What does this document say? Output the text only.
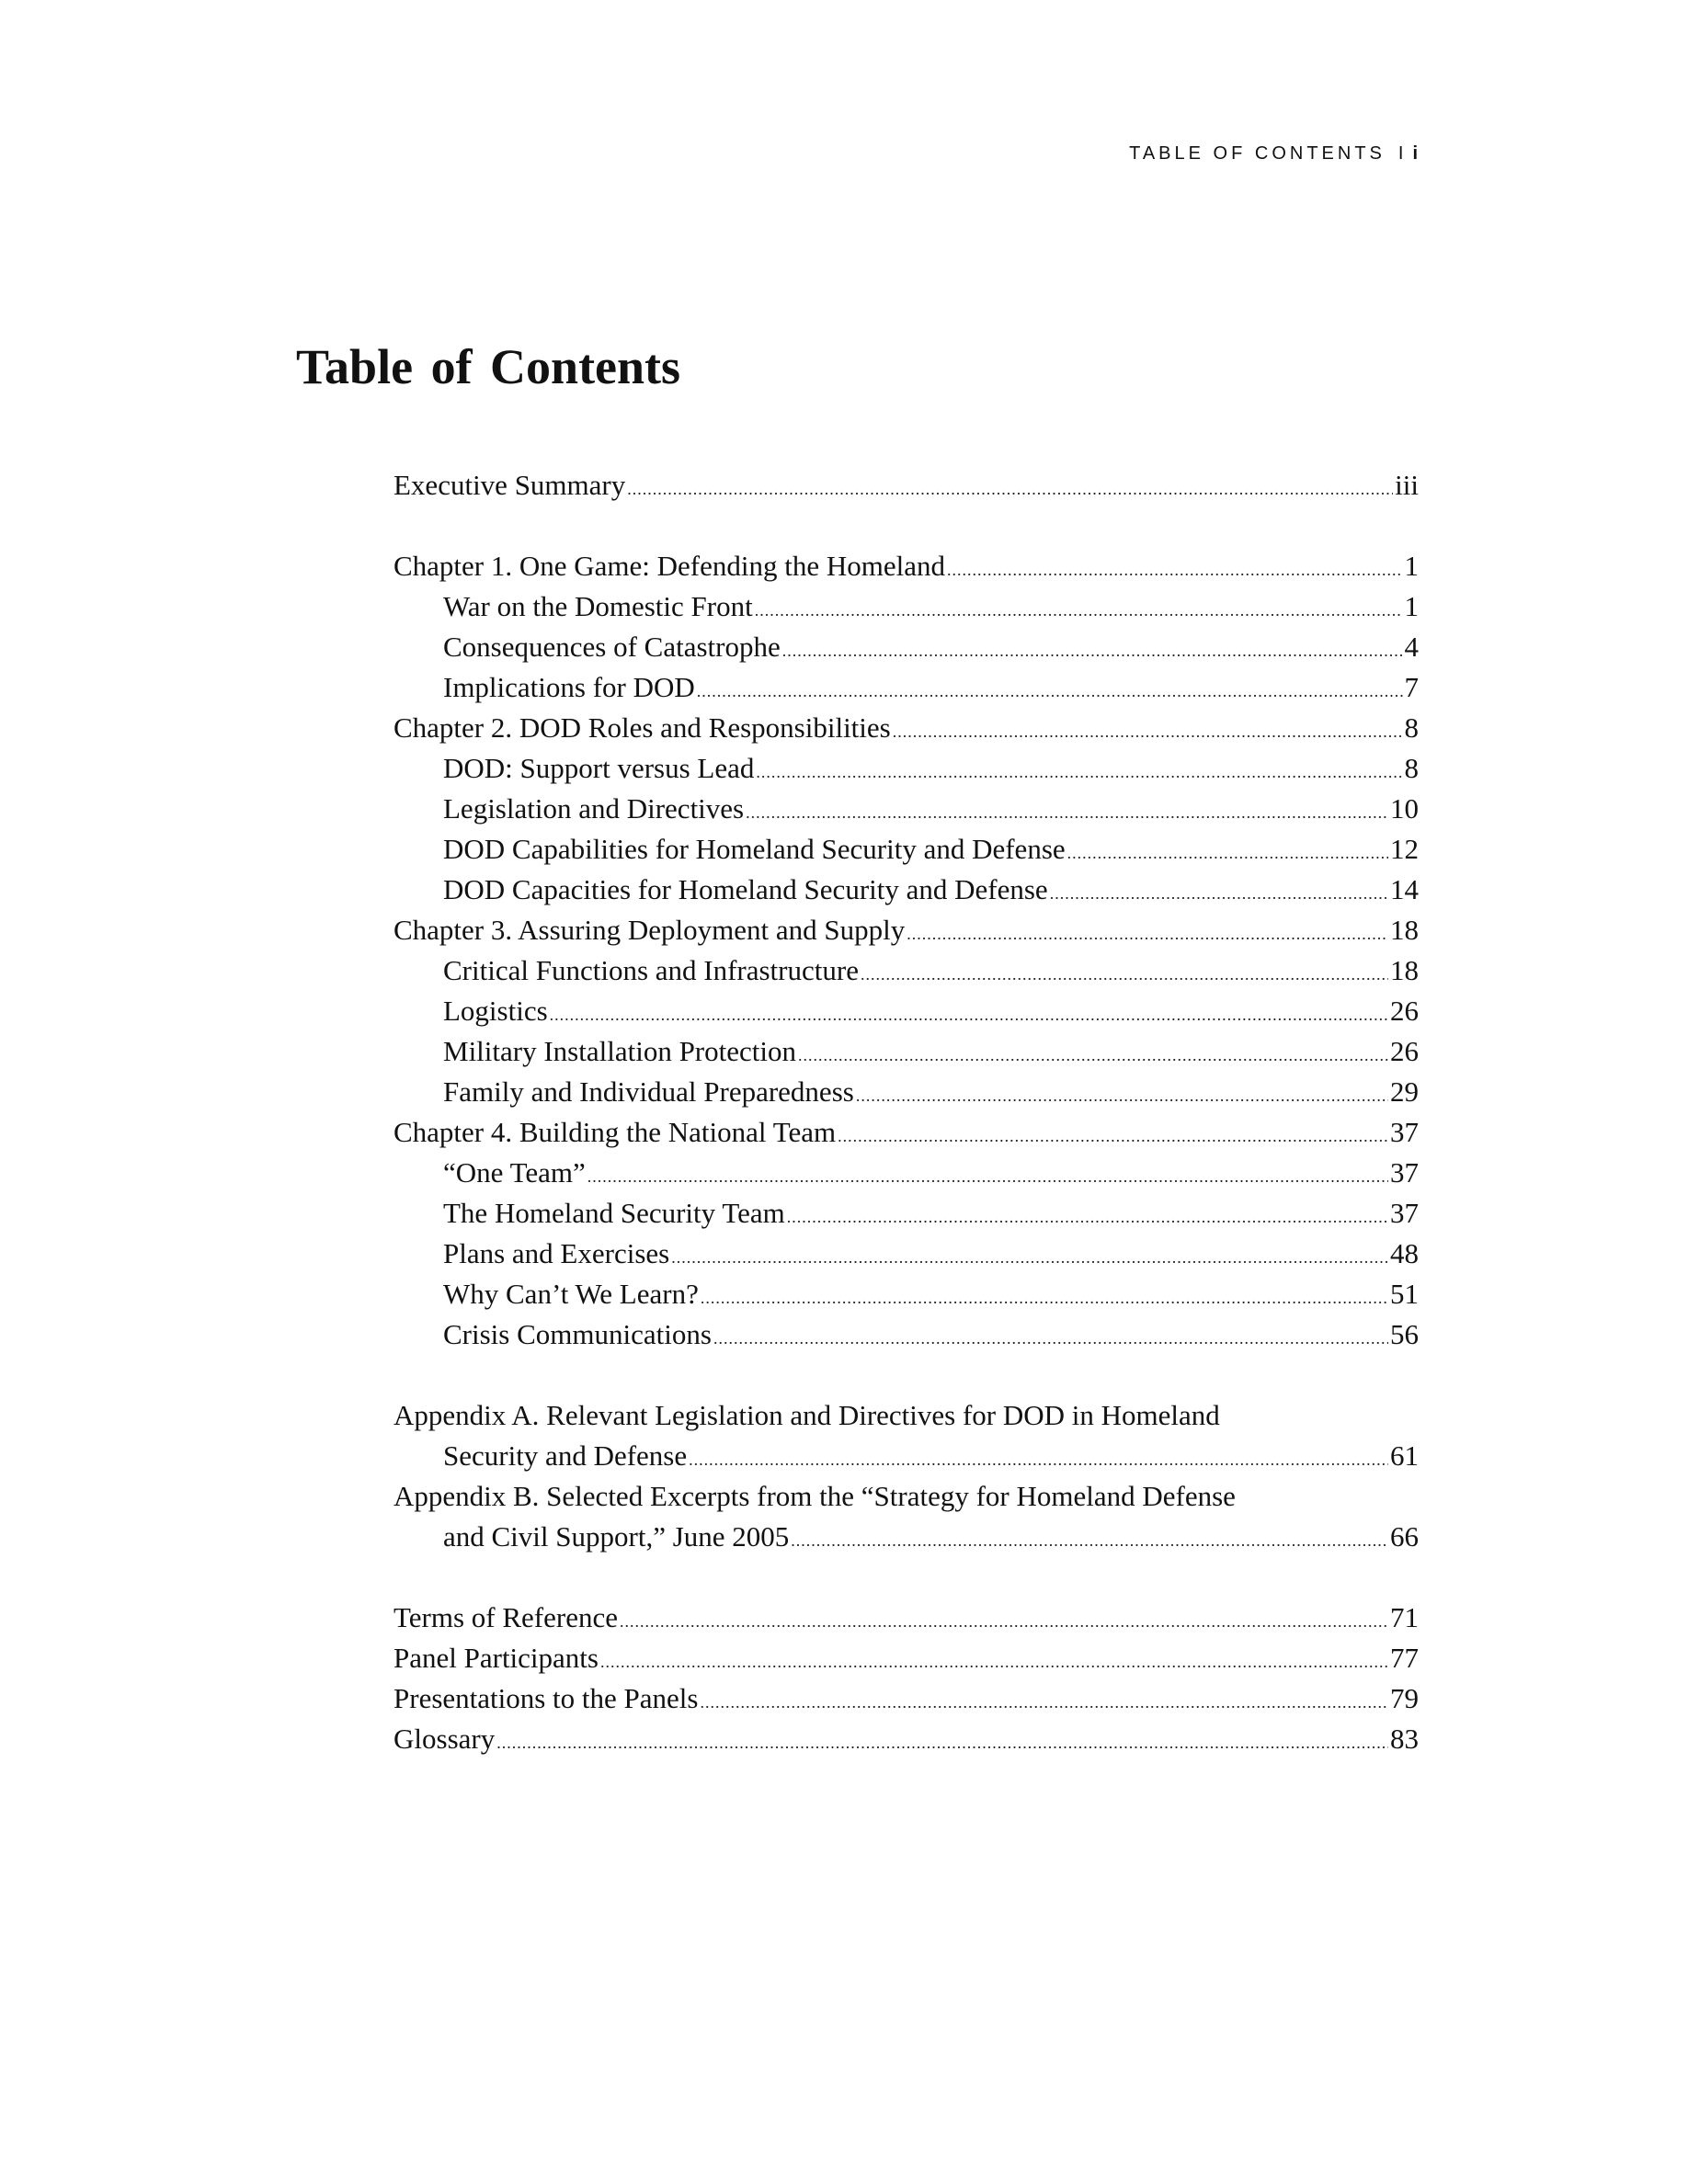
TABLE OF CONTENTS I i
Table of Contents
Executive Summary .....	iii
Chapter 1. One Game: Defending the Homeland .....	1
War on the Domestic Front .....	1
Consequences of Catastrophe .....	4
Implications for DOD .....	7
Chapter 2. DOD Roles and Responsibilities .....	8
DOD: Support versus Lead .....	8
Legislation and Directives .....	10
DOD Capabilities for Homeland Security and Defense .....	12
DOD Capacities for Homeland Security and Defense .....	14
Chapter 3. Assuring Deployment and Supply .....	18
Critical Functions and Infrastructure .....	18
Logistics .....	26
Military Installation Protection .....	26
Family and Individual Preparedness .....	29
Chapter 4. Building the National Team .....	37
“One Team” .....	37
The Homeland Security Team .....	37
Plans and Exercises .....	48
Why Can’t We Learn? .....	51
Crisis Communications .....	56
Appendix A. Relevant Legislation and Directives for DOD in Homeland
Security and Defense .....	61
Appendix B. Selected Excerpts from the “Strategy for Homeland Defense
and Civil Support,” June 2005 .....	66
Terms of Reference .....	71
Panel Participants .....	77
Presentations to the Panels .....	79
Glossary .....	83
